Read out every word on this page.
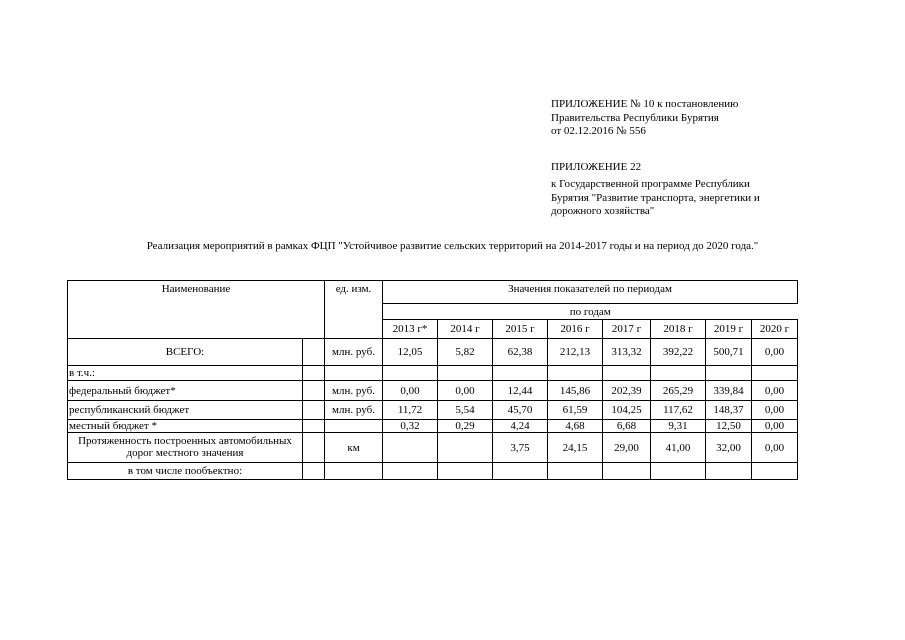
ПРИЛОЖЕНИЕ № 10 к постановлению
Правительства Республики Бурятия
от 02.12.2016 № 556
ПРИЛОЖЕНИЕ 22
к Государственной программе Республики
Бурятия "Развитие транспорта, энергетики и
дорожного хозяйства"
Реализация мероприятий в рамках ФЦП "Устойчивое развитие сельских территорий на 2014-2017 годы и на период до 2020 года."
Наименование		ед. изм.	Значения показателей по периодам							
			по годам							
			2013 г*	2014 г	2015 г	2016 г	2017 г	2018 г	2019 г	2020 г
ВСЕГО:		млн. руб.	12,05	5,82	62,38	212,13	313,32	392,22	500,71	0,00
в т.ч.:										
федеральный бюджет*		млн. руб.	0,00	0,00	12,44	145,86	202,39	265,29	339,84	0,00
республиканский бюджет		млн. руб.	11,72	5,54	45,70	61,59	104,25	117,62	148,37	0,00
местный бюджет *			0,32	0,29	4,24	4,68	6,68	9,31	12,50	0,00
Протяженность построенных автомобильных дорог местного значения		км			3,75	24,15	29,00	41,00	32,00	0,00
в том числе пообъектно:										
